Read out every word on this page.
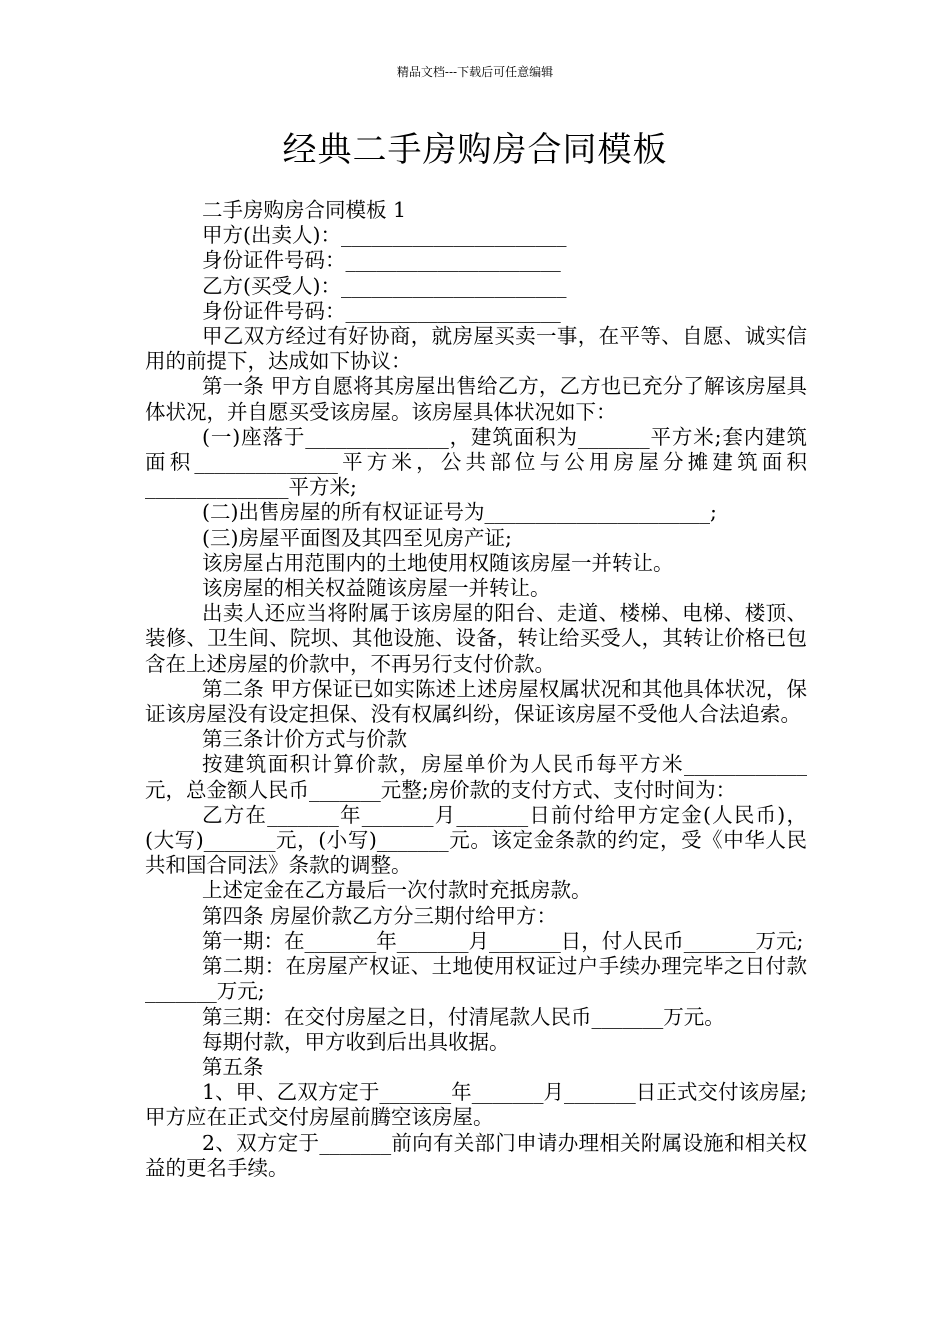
精品文档---下载后可任意编辑
经典二手房购房合同模板

二手房购房合同模板 1

甲方(出卖人)：______________________

身份证件号码：_____________________

乙方(买受人)：______________________

身份证件号码：_____________________

甲乙双方经过有好协商，就房屋买卖一事，在平等、自愿、诚实信用的前提下，达成如下协议：

第一条 甲方自愿将其房屋出售给乙方，乙方也已充分了解该房屋具体状况，并自愿买受该房屋。该房屋具体状况如下：

(一)座落于______________，建筑面积为_______平方米;套内建筑面积______________平方米，公共部位与公用房屋分摊建筑面积______________平方米;

(二)出售房屋的所有权证证号为______________________;

(三)房屋平面图及其四至见房产证;

该房屋占用范围内的土地使用权随该房屋一并转让。

该房屋的相关权益随该房屋一并转让。

出卖人还应当将附属于该房屋的阳台、走道、楼梯、电梯、楼顶、装修、卫生间、院坝、其他设施、设备，转让给买受人，其转让价格已包含在上述房屋的价款中，不再另行支付价款。

第二条 甲方保证已如实陈述上述房屋权属状况和其他具体状况，保证该房屋没有设定担保、没有权属纠纷，保证该房屋不受他人合法追索。

第三条计价方式与价款

按建筑面积计算价款，房屋单价为人民币每平方米____________元，总金额人民币_______元整;房价款的支付方式、支付时间为：

乙方在_______年_______月_______日前付给甲方定金(人民币)，(大写)_______元，(小写)_______元。该定金条款的约定，受《中华人民共和国合同法》条款的调整。

上述定金在乙方最后一次付款时充抵房款。

第四条 房屋价款乙方分三期付给甲方：

第一期：在_______年_______月_______日，付人民币_______万元;

第二期：在房屋产权证、土地使用权证过户手续办理完毕之日付款_______万元;

第三期：在交付房屋之日，付清尾款人民币_______万元。

每期付款，甲方收到后出具收据。

第五条

1、甲、乙双方定于_______年_______月_______日正式交付该房屋;甲方应在正式交付房屋前腾空该房屋。

2、双方定于_______前向有关部门申请办理相关附属设施和相关权益的更名手续。
